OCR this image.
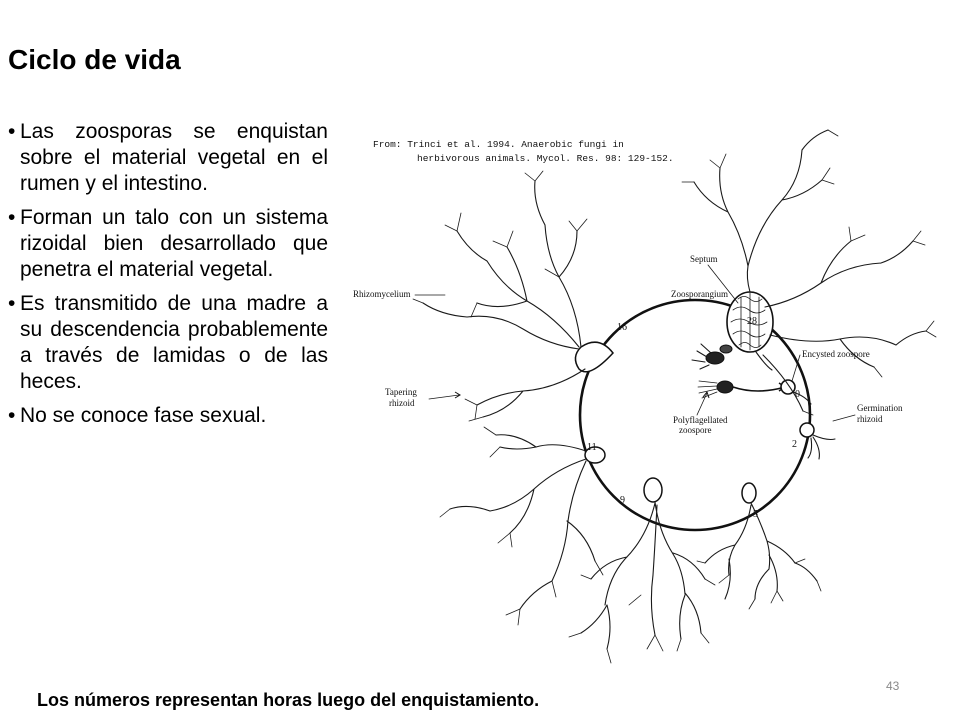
Ciclo de vida
• Las zoosporas se enquistan sobre el material vegetal en el rumen y el intestino.
• Forman un talo con un sistema rizoidal bien desarrollado que penetra el material vegetal.
• Es transmitido de una madre a su descendencia probablemente a través de lamidas o de las heces.
• No se conoce fase sexual.
From: Trinci et al. 1994. Anaerobic fungi in
herbivorous animals. Mycol. Res. 98: 129-152.
Septum
Zoosporangium
Rhizomycelium
Encysted zoospore
Tapering
rhizoid	Germination
rhizoid
Polyflagellated
zoospore
0
2
5
9
11
16
28
Los números representan horas luego del enquistamiento.
43
